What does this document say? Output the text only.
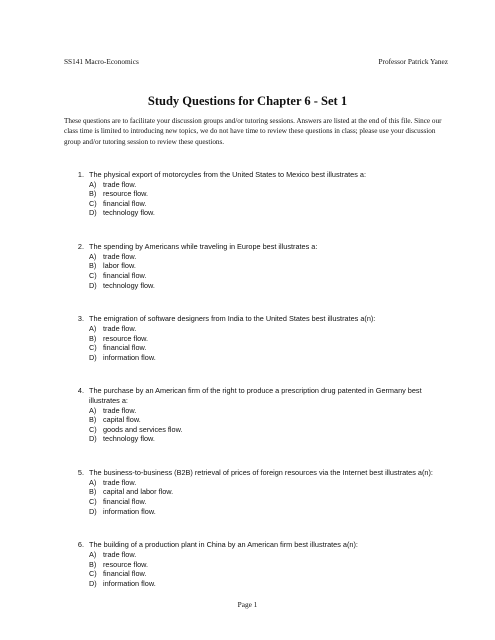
SS141 Macro-Economics	Professor Patrick Yanez
Study Questions for Chapter 6 - Set 1
These questions are to facilitate your discussion groups and/or tutoring sessions. Answers are listed at the end of this file. Since our class time is limited to introducing new topics, we do not have time to review these questions in class; please use your discussion group and/or tutoring session to review these questions.
1. The physical export of motorcycles from the United States to Mexico best illustrates a:
A) trade flow.
B) resource flow.
C) financial flow.
D) technology flow.
2. The spending by Americans while traveling in Europe best illustrates a:
A) trade flow.
B) labor flow.
C) financial flow.
D) technology flow.
3. The emigration of software designers from India to the United States best illustrates a(n):
A) trade flow.
B) resource flow.
C) financial flow.
D) information flow.
4. The purchase by an American firm of the right to produce a prescription drug patented in Germany best illustrates a:
A) trade flow.
B) capital flow.
C) goods and services flow.
D) technology flow.
5. The business-to-business (B2B) retrieval of prices of foreign resources via the Internet best illustrates a(n):
A) trade flow.
B) capital and labor flow.
C) financial flow.
D) information flow.
6. The building of a production plant in China by an American firm best illustrates a(n):
A) trade flow.
B) resource flow.
C) financial flow.
D) information flow.
Page 1
